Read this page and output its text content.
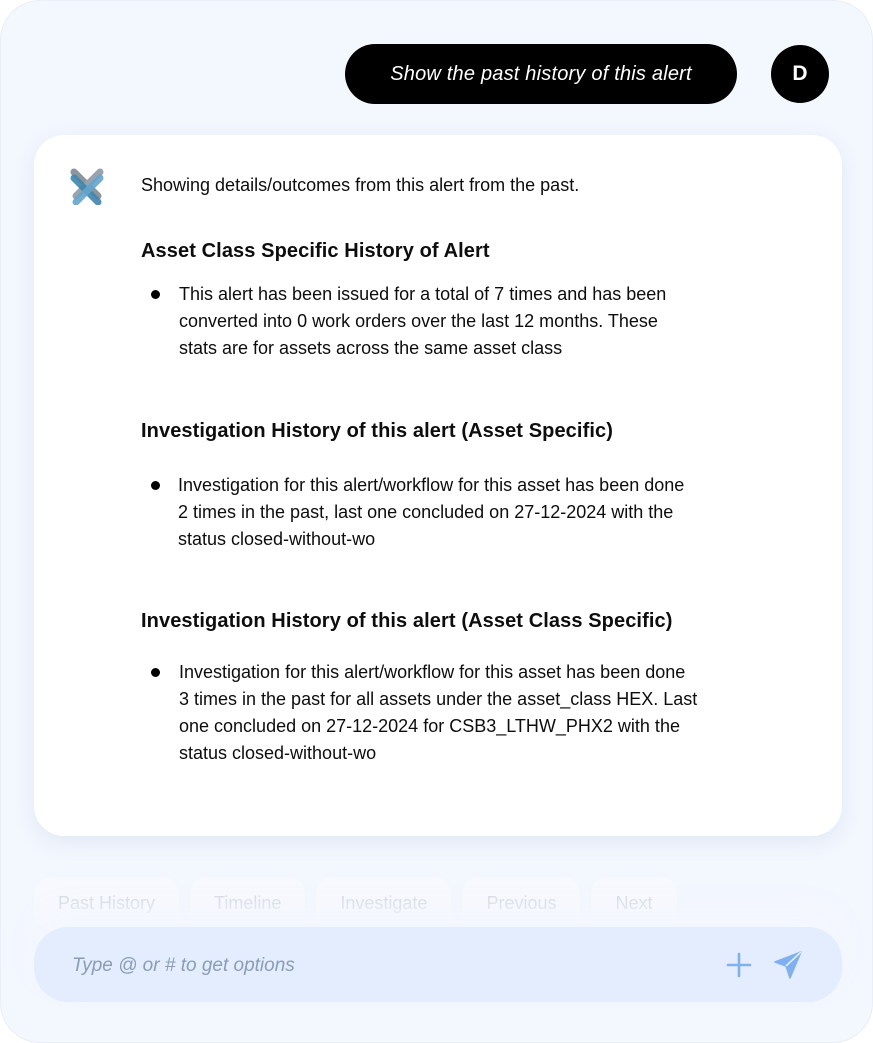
Show the past history of this alert	D
Showing details/outcomes from this alert from the past.
Asset Class Specific History of Alert
This alert has been issued for a total of 7 times and has been
converted into 0 work orders over the last 12 months. These
stats are for assets across the same asset class
Investigation History of this alert (Asset Specific)
Investigation for this alert/workflow for this asset has been done
2 times in the past, last one concluded on 27-12-2024 with the
status closed-without-wo
Investigation History of this alert (Asset Class Specific)
Investigation for this alert/workflow for this asset has been done
3 times in the past for all assets under the asset_class HEX. Last
one concluded on 27-12-2024 for CSB3_LTHW_PHX2 with the
status closed-without-wo
Past History	Timeline	Investigate	Previous	Next
Type @ or # to get options
